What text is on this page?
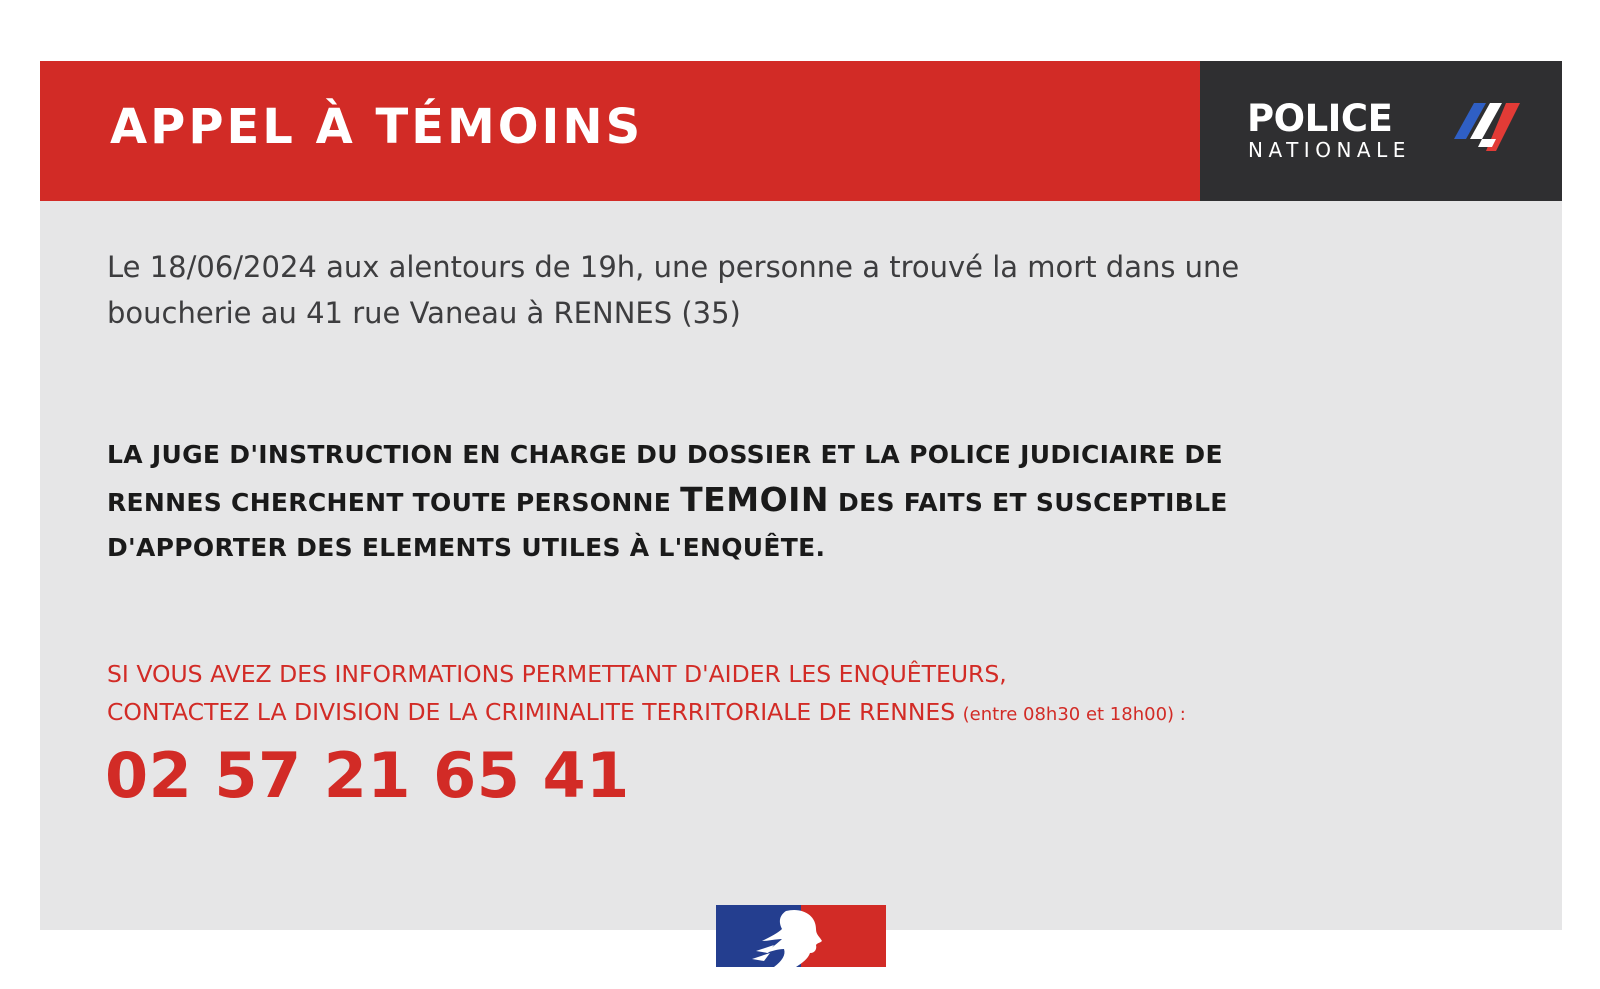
APPEL À TÉMOINS	POLICE
NATIONALE
Le 18/06/2024 aux alentours de 19h, une personne a trouvé la mort dans une
boucherie au 41 rue Vaneau à RENNES (35)
LA JUGE D'INSTRUCTION EN CHARGE DU DOSSIER ET LA POLICE JUDICIAIRE DE
RENNES CHERCHENT TOUTE PERSONNE TEMOIN DES FAITS ET SUSCEPTIBLE
D'APPORTER DES ELEMENTS UTILES À L'ENQUÊTE.
SI VOUS AVEZ DES INFORMATIONS PERMETTANT D'AIDER LES ENQUÊTEURS,
CONTACTEZ LA DIVISION DE LA CRIMINALITE TERRITORIALE DE RENNES (entre 08h30 et 18h00) :
02 57 21 65 41
